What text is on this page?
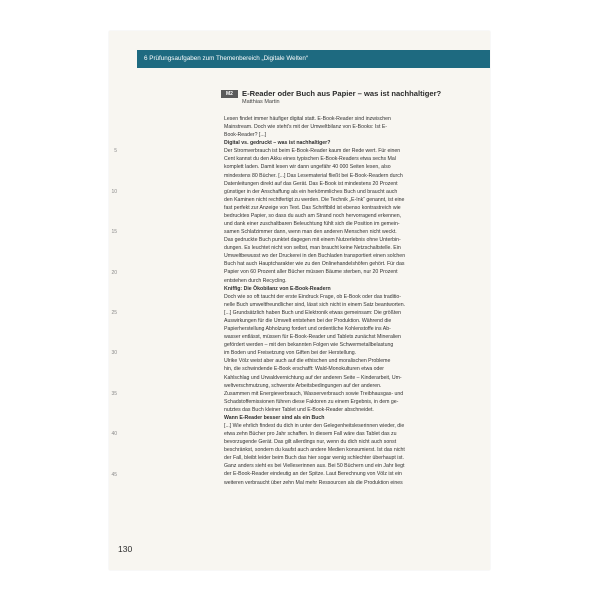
6 Prüfungsaufgaben zum Themenbereich „Digitale Welten“
M2	E-Reader oder Buch aus Papier – was ist nachhaltiger?
Matthias Martin
Lesen findet immer häufiger digital statt. E-Book-Reader sind inzwischen
Mainstream. Doch wie steht's mit der Umweltbilanz von E-Books: Ist E-
Book-Reader? [...]
Digital vs. gedruckt – was ist nachhaltiger?
Der Stromverbrauch ist beim E-Book-Reader kaum der Rede wert. Für einen
Cent kannst du den Akku eines typischen E-Book-Readers etwa sechs Mal
komplett laden. Damit lesen wir dann ungefähr 40 000 Seiten lesen, also
mindestens 80 Bücher. [...] Das Lesematerial fließt bei E-Book-Readern durch
Datenleitungen direkt auf das Gerät. Das E-Book ist mindestens 20 Prozent
günstiger in der Anschaffung als ein herkömmliches Buch und braucht auch
den Kaminen nicht rechtfertigt zu werden. Die Technik „E-Ink“ genannt, ist eine
fast perfekt zur Anzeige von Text. Das Schriftbild ist ebenso kontrastreich wie
bedrucktes Papier, so dass du auch am Strand noch hervorragend erkennen,
und dank einer zuschaltbaren Beleuchtung fühlt sich die Position im gemein-
samen Schlafzimmer dann, wenn man den anderen Menschen nicht weckt.
Das gedruckte Buch punktet dagegen mit einem Nutzerlebnis ohne Unterbin-
dungen. Es leuchtet nicht von selbst, man braucht keine Netzschaltstelle. Ein
Umweltbewusst wo der Druckerei in den Buchladen transportiert einen solchen
Buch hat auch Hauptcharakter wie zu den Onlinehandelshöfen gehört. Für das
Papier von 60 Prozent aller Bücher müssen Bäume sterben, nur 20 Prozent
entstehen durch Recycling.
Kniffig: Die Ökobilanz von E-Book-Readern
Doch wie so oft taucht der erste Eindruck Frage, ob E-Book oder das traditio-
nelle Buch umweltfreundlicher sind, lässt sich nicht in einem Satz beantworten.
[...] Grundsätzlich haben Buch und Elektronik etwas gemeinsam: Die größten
Auswirkungen für die Umwelt entstehen bei der Produktion. Während die
Papierherstellung Abholzung fordert und ordentliche Kohlenstoffe ins Ab-
wasser entlässt, müssen für E-Book-Reader und Tablets zunächst Mineralien
gefördert werden – mit den bekannten Folgen wie Schwermetallbelastung
im Boden und Freisetzung von Giften bei der Herstellung.
Ulrike Völz weist aber auch auf die ethischen und moralischen Probleme
hin, die schwindende E-Book erschafft: Wald-Monokulturen etwa oder
Kahlschlag und Urwaldvernichtung auf der anderen Seite – Kinderarbeit, Um-
weltverschmutzung, schwerste Arbeitsbedingungen auf der anderen.
Zusammen mit Energieverbrauch, Wasserverbrauch sowie Treibhausgas- und
Schadstoffemissionen führen diese Faktoren zu einem Ergebnis, in dem ge-
nutztes das Buch kleiner Tablet und E-Book-Reader abschneidet.
Wann E-Reader besser sind als ein Buch
[...] Wie ehrlich findest du dich in unter den Gelegenheitsleserinnen wieder, die
etwa zehn Bücher pro Jahr schaffen. In diesem Fall wäre das Tablet das zu
bevorzugende Gerät. Das gilt allerdings nur, wenn du dich nicht auch sonst
beschränkst, sondern du kaufst auch andere Medien konsumierst. Ist das nicht
der Fall, bleibt leider beim Buch das hier sogar wenig schlechter überhaupt ist.
Ganz anders sieht es bei Vielleserinnen aus. Bei 50 Büchern und ein Jahr liegt
der E-Book-Reader eindeutig an der Spitze. Laut Berechnung von Völz ist ein
weiteren verbraucht über zehn Mal mehr Ressourcen als die Produktion eines
5
10
15
20
25
30
35
40
45
130
